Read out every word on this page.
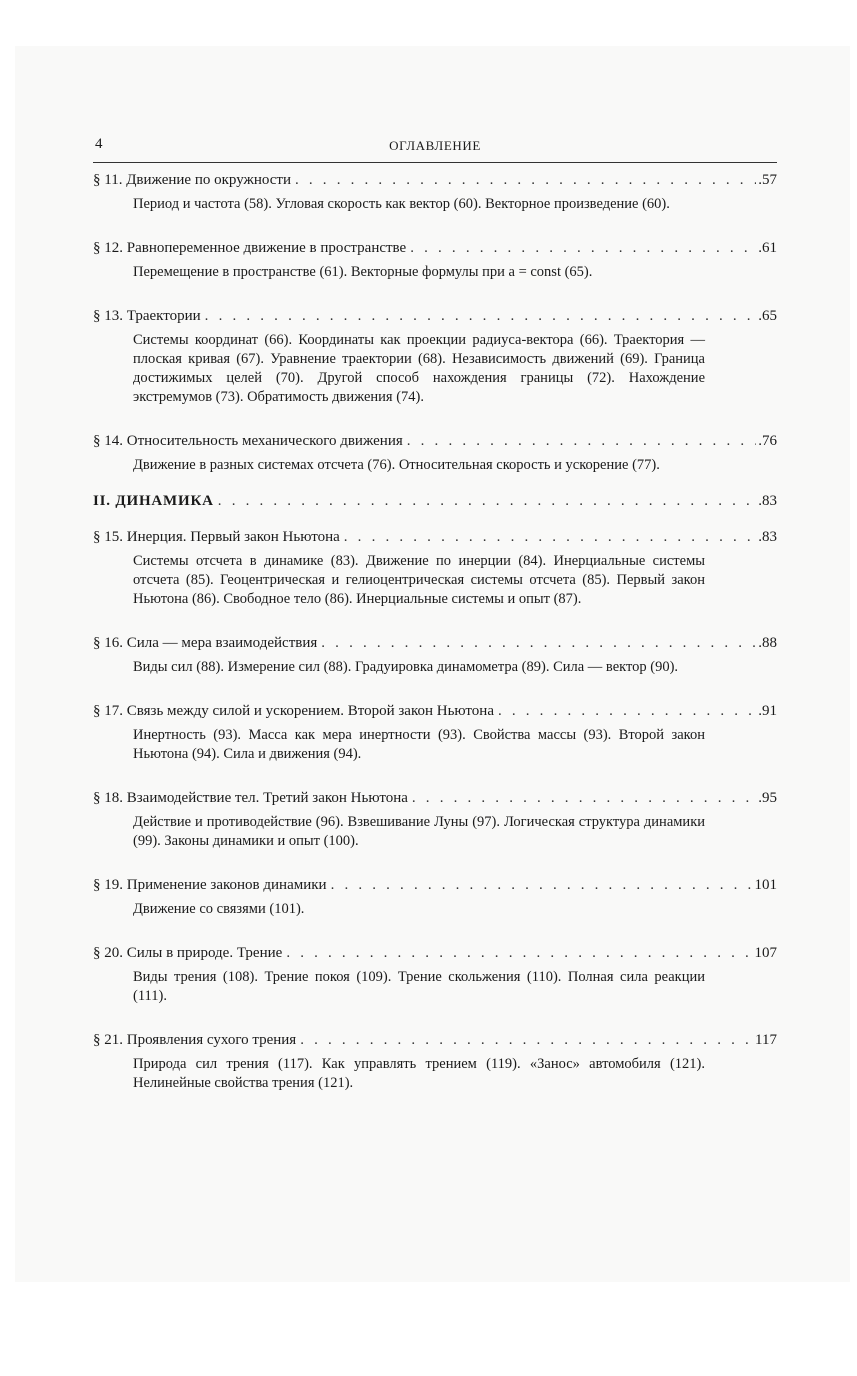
4	ОГЛАВЛЕНИЕ
§ 11. Движение по окружности . . .	.57
Период и частота (58). Угловая скорость как вектор (60). Векторное произведение (60).
§ 12. Равнопеременное движение в пространстве . . .	.61
Перемещение в пространстве (61). Векторные формулы при a = const (65).
§ 13. Траектории . . .	.65
Системы координат (66). Координаты как проекции радиуса-вектора (66). Траектория — плоская кривая (67). Уравнение траектории (68). Независимость движений (69). Граница достижимых целей (70). Другой способ нахождения границы (72). Нахождение экстремумов (73). Обратимость движения (74).
§ 14. Относительность механического движения . . .	.76
Движение в разных системах отсчета (76). Относительная скорость и ускорение (77).
II. ДИНАМИКА . . .	.83
§ 15. Инерция. Первый закон Ньютона . . .	.83
Системы отсчета в динамике (83). Движение по инерции (84). Инерциальные системы отсчета (85). Геоцентрическая и гелиоцентрическая системы отсчета (85). Первый закон Ньютона (86). Свободное тело (86). Инерциальные системы и опыт (87).
§ 16. Сила — мера взаимодействия . . .	.88
Виды сил (88). Измерение сил (88). Градуировка динамометра (89). Сила — вектор (90).
§ 17. Связь между силой и ускорением. Второй закон Ньютона . . .	.91
Инертность (93). Масса как мера инертности (93). Свойства массы (93). Второй закон Ньютона (94). Сила и движения (94).
§ 18. Взаимодействие тел. Третий закон Ньютона . . .	.95
Действие и противодействие (96). Взвешивание Луны (97). Логическая структура динамики (99). Законы динамики и опыт (100).
§ 19. Применение законов динамики . . .	101
Движение со связями (101).
§ 20. Силы в природе. Трение . . .	107
Виды трения (108). Трение покоя (109). Трение скольжения (110). Полная сила реакции (111).
§ 21. Проявления сухого трения . . .	117
Природа сил трения (117). Как управлять трением (119). «Занос» автомобиля (121). Нелинейные свойства трения (121).
